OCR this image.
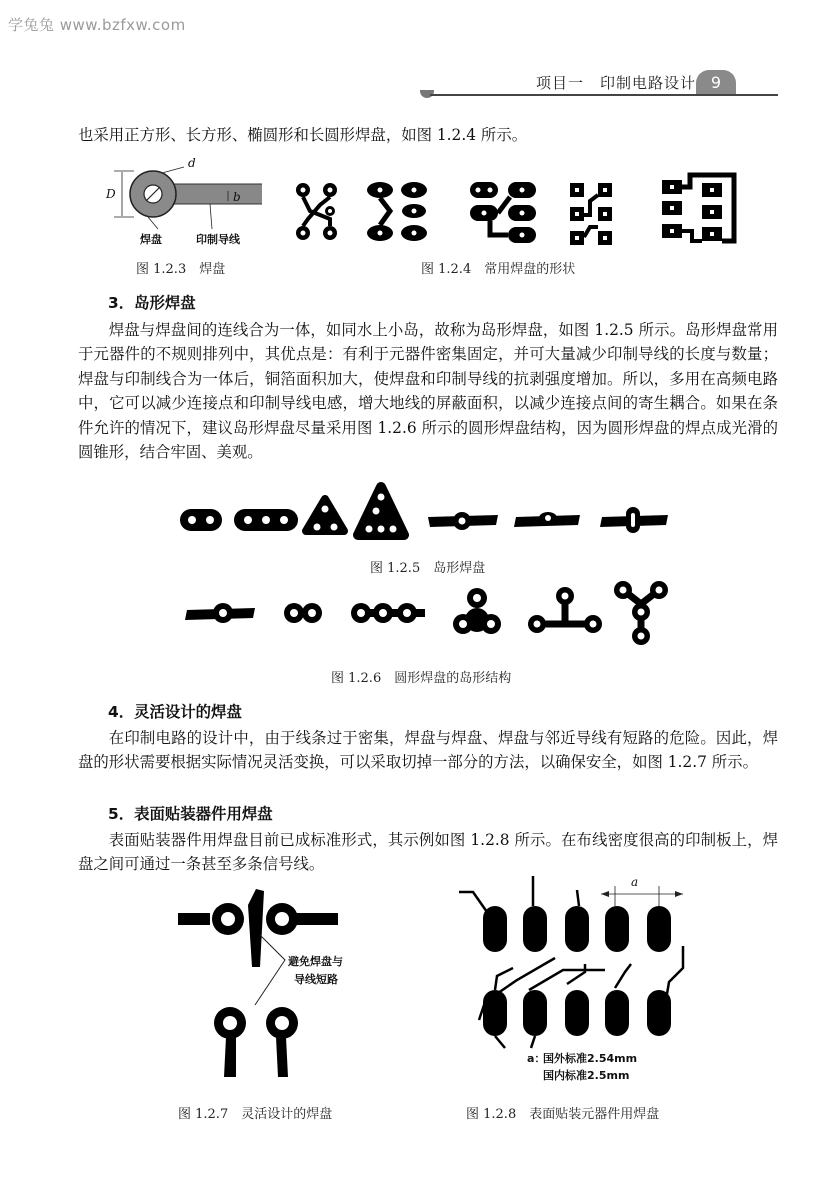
学兔兔 www.bzfxw.com
项目一　印制电路设计 9

也采用正方形、长方形、椭圆形和长圆形焊盘，如图 1.2.4 所示。

d
D	b
焊盘	印制导线
图 1.2.3　焊盘	图 1.2.4　常用焊盘的形状

3．岛形焊盘

焊盘与焊盘间的连线合为一体，如同水上小岛，故称为岛形焊盘，如图 1.2.5 所示。岛形焊盘常用于元器件的不规则排列中，其优点是：有利于元器件密集固定，并可大量减少印制导线的长度与数量；焊盘与印制线合为一体后，铜箔面积加大，使焊盘和印制导线的抗剥强度增加。所以，多用在高频电路中，它可以减少连接点和印制导线电感，增大地线的屏蔽面积，以减少连接点间的寄生耦合。如果在条件允许的情况下，建议岛形焊盘尽量采用图 1.2.6 所示的圆形焊盘结构，因为圆形焊盘的焊点成光滑的圆锥形，结合牢固、美观。

图 1.2.5　岛形焊盘
图 1.2.6　圆形焊盘的岛形结构

4．灵活设计的焊盘

在印制电路的设计中，由于线条过于密集，焊盘与焊盘、焊盘与邻近导线有短路的危险。因此，焊盘的形状需要根据实际情况灵活变换，可以采取切掉一部分的方法，以确保安全，如图 1.2.7 所示。

5．表面贴装器件用焊盘

表面贴装器件用焊盘目前已成标准形式，其示例如图 1.2.8 所示。在布线密度很高的印制板上，焊盘之间可通过一条甚至多条信号线。

避免焊盘与
导线短路
图 1.2.7　灵活设计的焊盘
a
a：
国外标准2.54mm
国内标准2.5mm
图 1.2.8　表面贴装元器件用焊盘
